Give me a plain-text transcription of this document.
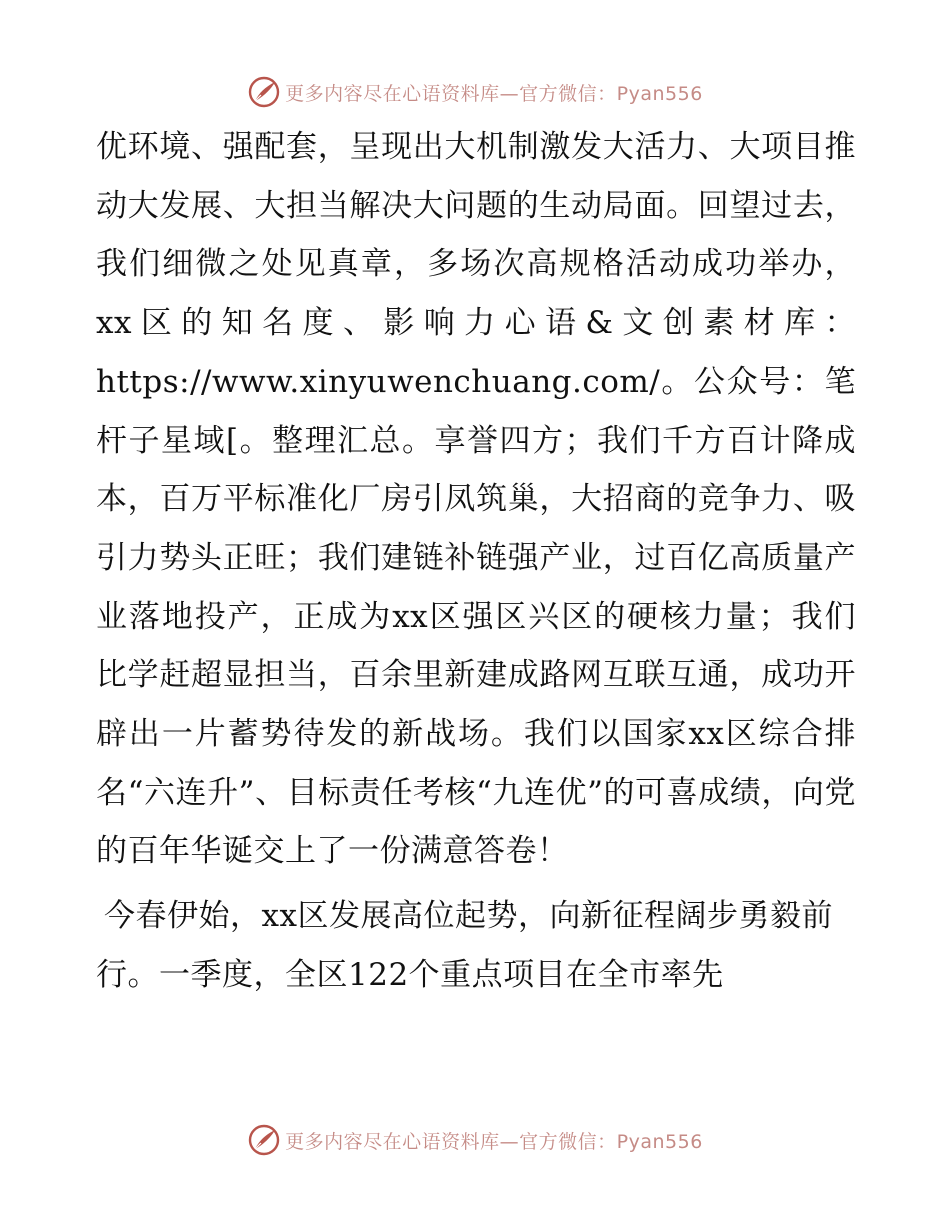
更多内容尽在心语资料库—官方微信：Pyan556

优环境、强配套，呈现出大机制激发大活力、大项目推动大发展、大担当解决大问题的生动局面。回望过去，我们细微之处见真章，多场次高规格活动成功举办，xx区的知名度、影响力心语&文创素材库：https://www.xinyuwenchuang.com/。公众号：笔杆子星域[。整理汇总。享誉四方；我们千方百计降成本，百万平标准化厂房引凤筑巢，大招商的竞争力、吸引力势头正旺；我们建链补链强产业，过百亿高质量产业落地投产，正成为xx区强区兴区的硬核力量；我们比学赶超显担当，百余里新建成路网互联互通，成功开辟出一片蓄势待发的新战场。我们以国家xx区综合排名“六连升”、目标责任考核“九连优”的可喜成绩，向党的百年华诞交上了一份满意答卷！

今春伊始，xx区发展高位起势，向新征程阔步勇毅前行。一季度，全区122个重点项目在全市率先

更多内容尽在心语资料库—官方微信：Pyan556
